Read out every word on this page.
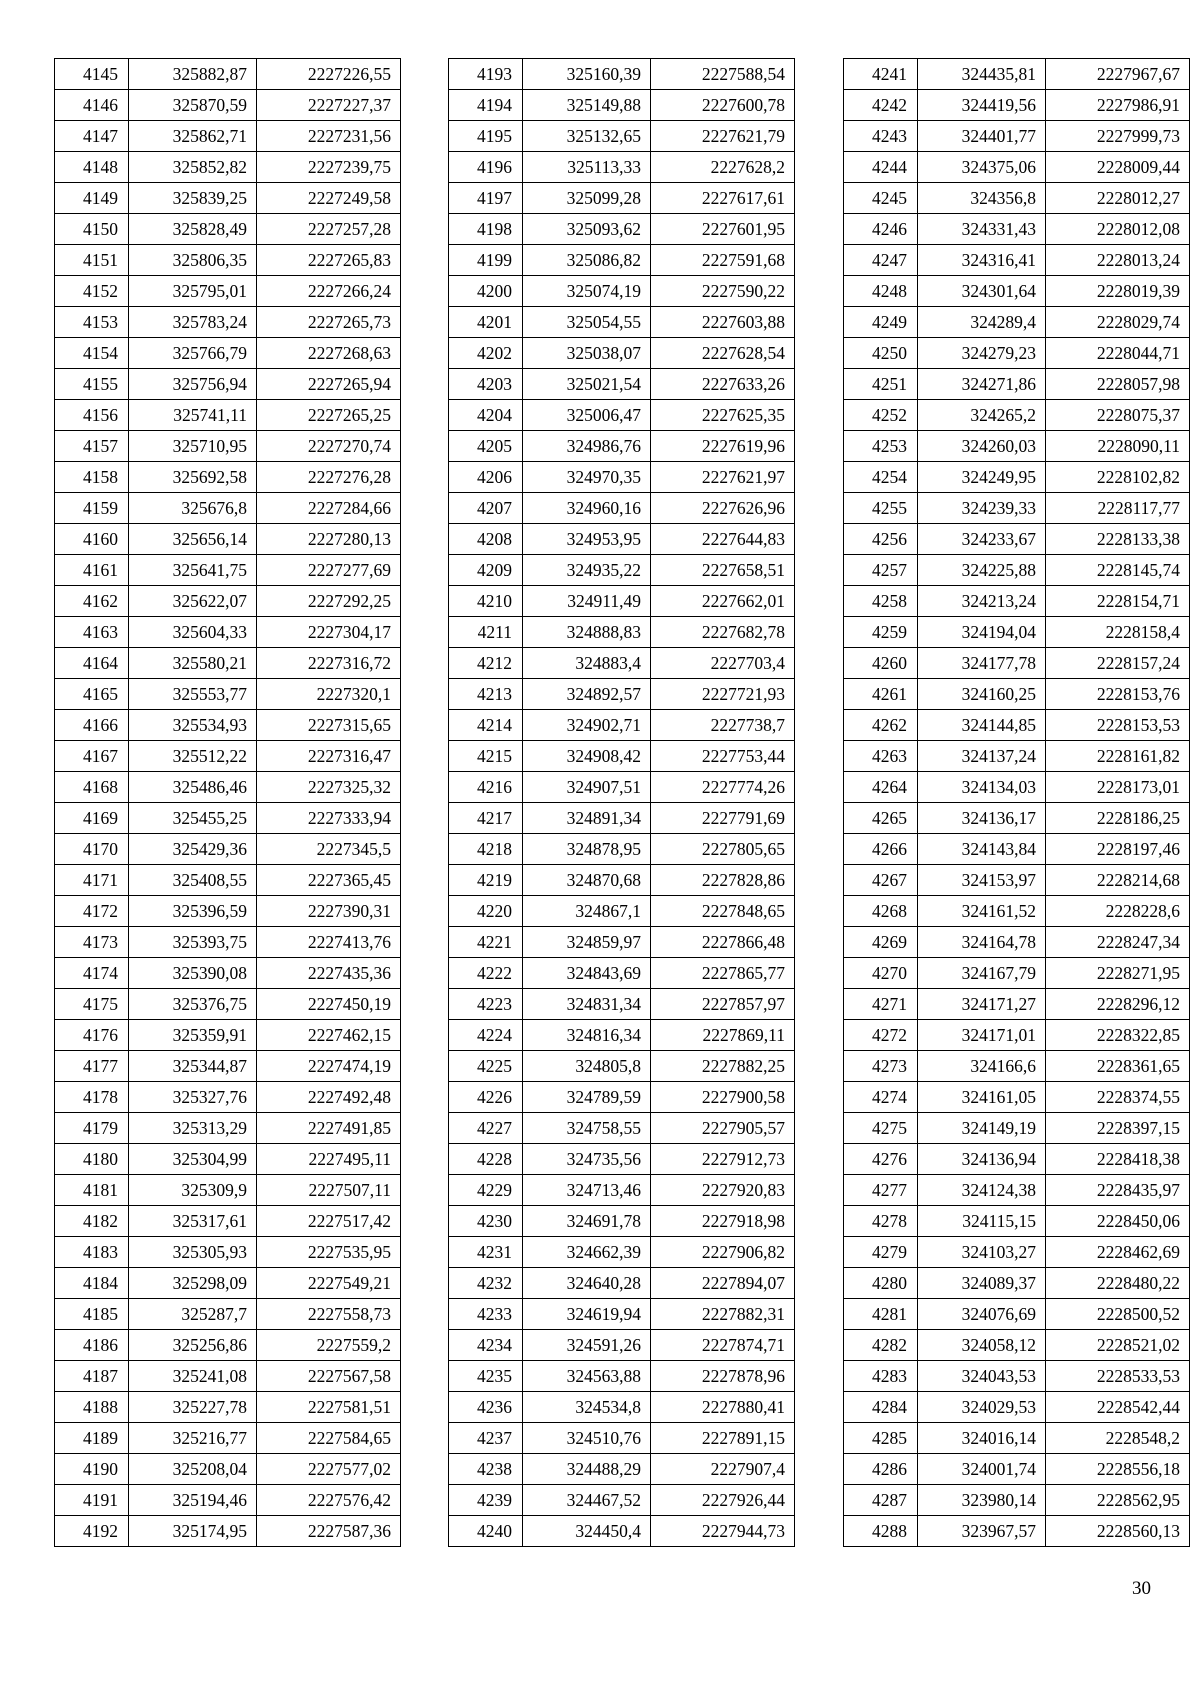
4145	325882,87	2227226,55
4146	325870,59	2227227,37
4147	325862,71	2227231,56
4148	325852,82	2227239,75
4149	325839,25	2227249,58
4150	325828,49	2227257,28
4151	325806,35	2227265,83
4152	325795,01	2227266,24
4153	325783,24	2227265,73
4154	325766,79	2227268,63
4155	325756,94	2227265,94
4156	325741,11	2227265,25
4157	325710,95	2227270,74
4158	325692,58	2227276,28
4159	325676,8	2227284,66
4160	325656,14	2227280,13
4161	325641,75	2227277,69
4162	325622,07	2227292,25
4163	325604,33	2227304,17
4164	325580,21	2227316,72
4165	325553,77	2227320,1
4166	325534,93	2227315,65
4167	325512,22	2227316,47
4168	325486,46	2227325,32
4169	325455,25	2227333,94
4170	325429,36	2227345,5
4171	325408,55	2227365,45
4172	325396,59	2227390,31
4173	325393,75	2227413,76
4174	325390,08	2227435,36
4175	325376,75	2227450,19
4176	325359,91	2227462,15
4177	325344,87	2227474,19
4178	325327,76	2227492,48
4179	325313,29	2227491,85
4180	325304,99	2227495,11
4181	325309,9	2227507,11
4182	325317,61	2227517,42
4183	325305,93	2227535,95
4184	325298,09	2227549,21
4185	325287,7	2227558,73
4186	325256,86	2227559,2
4187	325241,08	2227567,58
4188	325227,78	2227581,51
4189	325216,77	2227584,65
4190	325208,04	2227577,02
4191	325194,46	2227576,42
4192	325174,95	2227587,36
4193	325160,39	2227588,54
4194	325149,88	2227600,78
4195	325132,65	2227621,79
4196	325113,33	2227628,2
4197	325099,28	2227617,61
4198	325093,62	2227601,95
4199	325086,82	2227591,68
4200	325074,19	2227590,22
4201	325054,55	2227603,88
4202	325038,07	2227628,54
4203	325021,54	2227633,26
4204	325006,47	2227625,35
4205	324986,76	2227619,96
4206	324970,35	2227621,97
4207	324960,16	2227626,96
4208	324953,95	2227644,83
4209	324935,22	2227658,51
4210	324911,49	2227662,01
4211	324888,83	2227682,78
4212	324883,4	2227703,4
4213	324892,57	2227721,93
4214	324902,71	2227738,7
4215	324908,42	2227753,44
4216	324907,51	2227774,26
4217	324891,34	2227791,69
4218	324878,95	2227805,65
4219	324870,68	2227828,86
4220	324867,1	2227848,65
4221	324859,97	2227866,48
4222	324843,69	2227865,77
4223	324831,34	2227857,97
4224	324816,34	2227869,11
4225	324805,8	2227882,25
4226	324789,59	2227900,58
4227	324758,55	2227905,57
4228	324735,56	2227912,73
4229	324713,46	2227920,83
4230	324691,78	2227918,98
4231	324662,39	2227906,82
4232	324640,28	2227894,07
4233	324619,94	2227882,31
4234	324591,26	2227874,71
4235	324563,88	2227878,96
4236	324534,8	2227880,41
4237	324510,76	2227891,15
4238	324488,29	2227907,4
4239	324467,52	2227926,44
4240	324450,4	2227944,73
4241	324435,81	2227967,67
4242	324419,56	2227986,91
4243	324401,77	2227999,73
4244	324375,06	2228009,44
4245	324356,8	2228012,27
4246	324331,43	2228012,08
4247	324316,41	2228013,24
4248	324301,64	2228019,39
4249	324289,4	2228029,74
4250	324279,23	2228044,71
4251	324271,86	2228057,98
4252	324265,2	2228075,37
4253	324260,03	2228090,11
4254	324249,95	2228102,82
4255	324239,33	2228117,77
4256	324233,67	2228133,38
4257	324225,88	2228145,74
4258	324213,24	2228154,71
4259	324194,04	2228158,4
4260	324177,78	2228157,24
4261	324160,25	2228153,76
4262	324144,85	2228153,53
4263	324137,24	2228161,82
4264	324134,03	2228173,01
4265	324136,17	2228186,25
4266	324143,84	2228197,46
4267	324153,97	2228214,68
4268	324161,52	2228228,6
4269	324164,78	2228247,34
4270	324167,79	2228271,95
4271	324171,27	2228296,12
4272	324171,01	2228322,85
4273	324166,6	2228361,65
4274	324161,05	2228374,55
4275	324149,19	2228397,15
4276	324136,94	2228418,38
4277	324124,38	2228435,97
4278	324115,15	2228450,06
4279	324103,27	2228462,69
4280	324089,37	2228480,22
4281	324076,69	2228500,52
4282	324058,12	2228521,02
4283	324043,53	2228533,53
4284	324029,53	2228542,44
4285	324016,14	2228548,2
4286	324001,74	2228556,18
4287	323980,14	2228562,95
4288	323967,57	2228560,13
30
